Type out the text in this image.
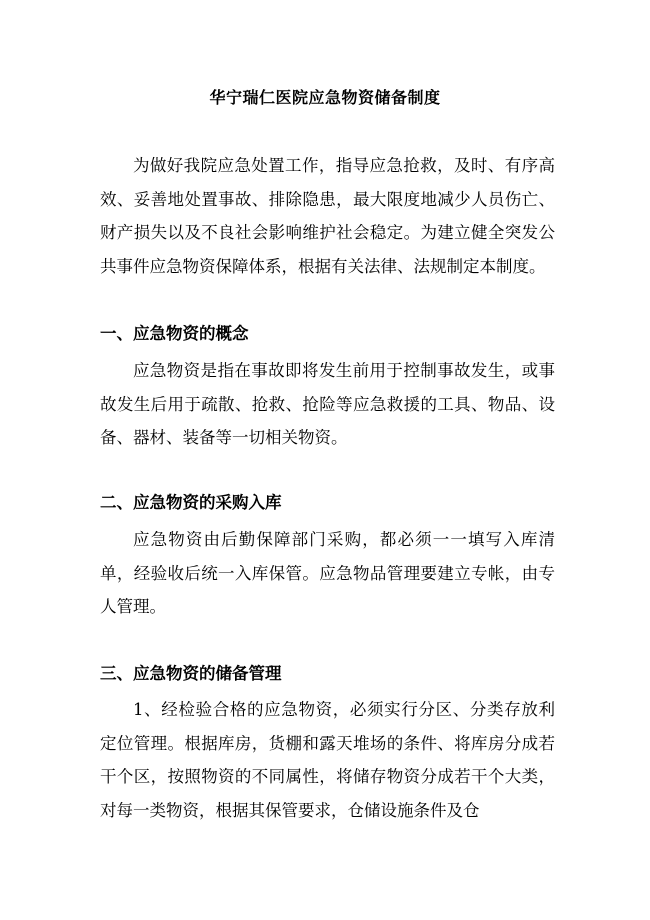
华宁瑞仁医院应急物资储备制度

为做好我院应急处置工作，指导应急抢救，及时、有序高效、妥善地处置事故、排除隐患，最大限度地减少人员伤亡、财产损失以及不良社会影响维护社会稳定。为建立健全突发公共事件应急物资保障体系，根据有关法律、法规制定本制度。

一、应急物资的概念

应急物资是指在事故即将发生前用于控制事故发生，或事故发生后用于疏散、抢救、抢险等应急救援的工具、物品、设备、器材、装备等一切相关物资。

二、应急物资的采购入库

应急物资由后勤保障部门采购，都必须一一填写入库清单，经验收后统一入库保管。应急物品管理要建立专帐，由专人管理。

三、应急物资的储备管理

1、经检验合格的应急物资，必须实行分区、分类存放利定位管理。根据库房，货棚和露天堆场的条件、将库房分成若干个区，按照物资的不同属性，将储存物资分成若干个大类，对每一类物资，根据其保管要求，仓储设施条件及仓
